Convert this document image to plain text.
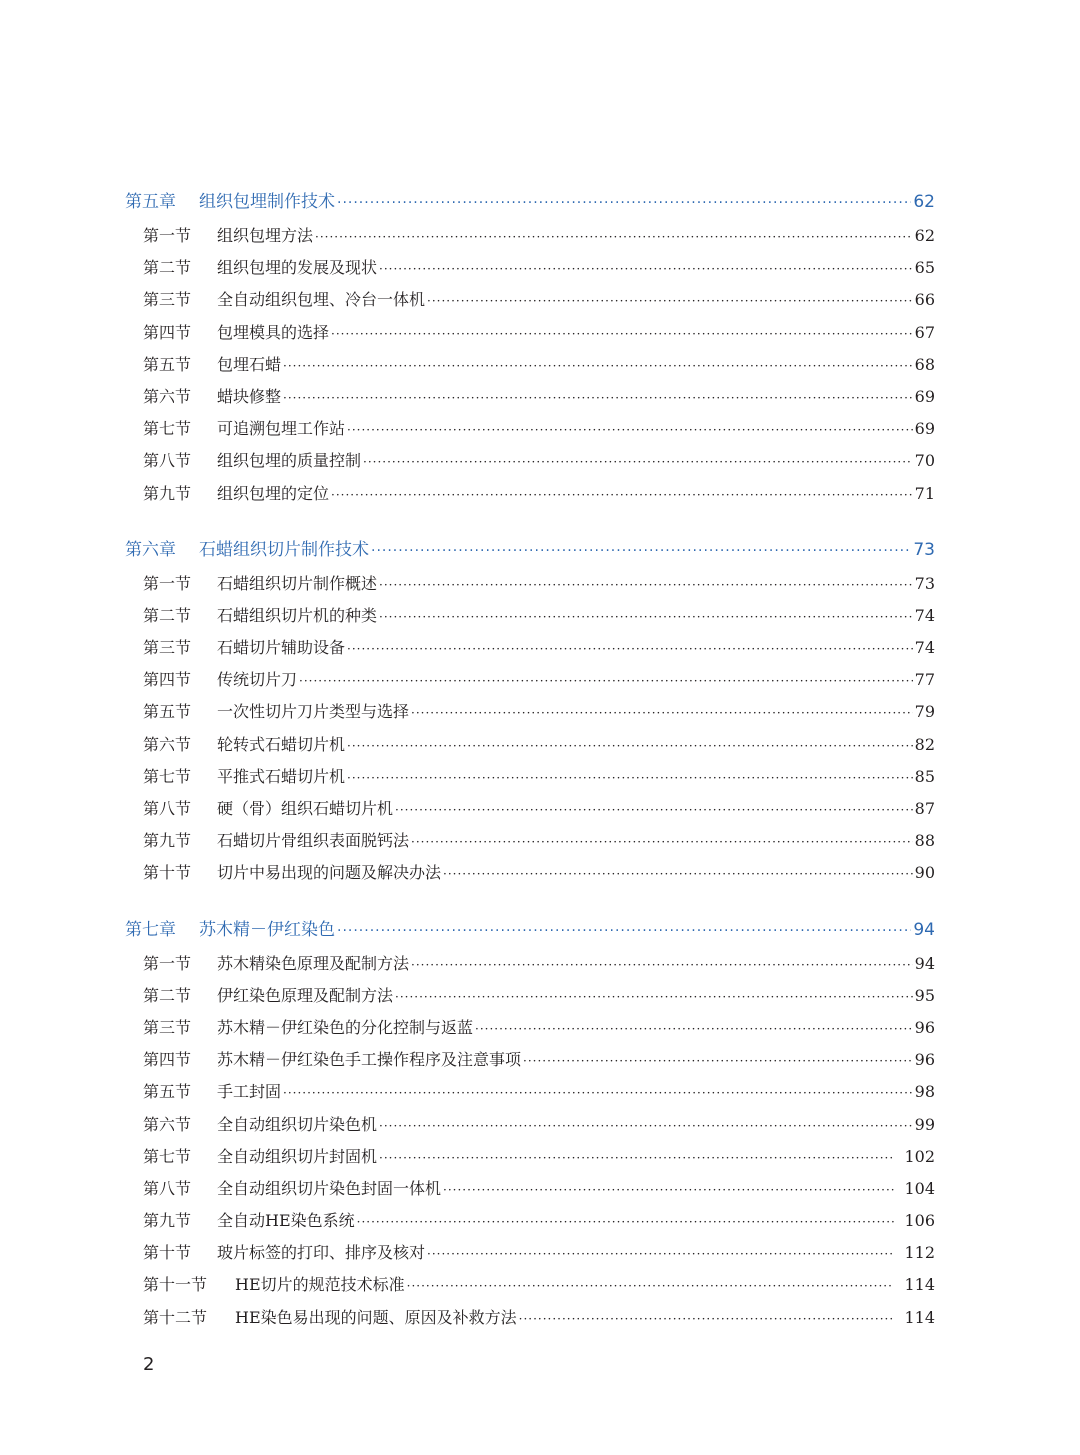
第五章	组织包埋制作技术 ·····	62
第一节	组织包埋方法 ·····	62
第二节	组织包埋的发展及现状 ·····	65
第三节	全自动组织包埋、冷台一体机 ·····	66
第四节	包埋模具的选择 ·····	67
第五节	包埋石蜡 ·····	68
第六节	蜡块修整 ·····	69
第七节	可追溯包埋工作站 ·····	69
第八节	组织包埋的质量控制 ·····	70
第九节	组织包埋的定位 ·····	71
第六章	石蜡组织切片制作技术 ·····	73
第一节	石蜡组织切片制作概述 ·····	73
第二节	石蜡组织切片机的种类 ·····	74
第三节	石蜡切片辅助设备 ·····	74
第四节	传统切片刀 ·····	77
第五节	一次性切片刀片类型与选择 ·····	79
第六节	轮转式石蜡切片机 ·····	82
第七节	平推式石蜡切片机 ·····	85
第八节	硬（骨）组织石蜡切片机 ·····	87
第九节	石蜡切片骨组织表面脱钙法 ·····	88
第十节	切片中易出现的问题及解决办法 ·····	90
第七章	苏木精－伊红染色 ·····	94
第一节	苏木精染色原理及配制方法 ·····	94
第二节	伊红染色原理及配制方法 ·····	95
第三节	苏木精－伊红染色的分化控制与返蓝 ·····	96
第四节	苏木精－伊红染色手工操作程序及注意事项 ·····	96
第五节	手工封固 ·····	98
第六节	全自动组织切片染色机 ·····	99
第七节	全自动组织切片封固机 ·····	102
第八节	全自动组织切片染色封固一体机 ·····	104
第九节	全自动HE染色系统 ·····	106
第十节	玻片标签的打印、排序及核对 ·····	112
第十一节	HE切片的规范技术标准 ·····	114
第十二节	HE染色易出现的问题、原因及补救方法 ·····	114
2
